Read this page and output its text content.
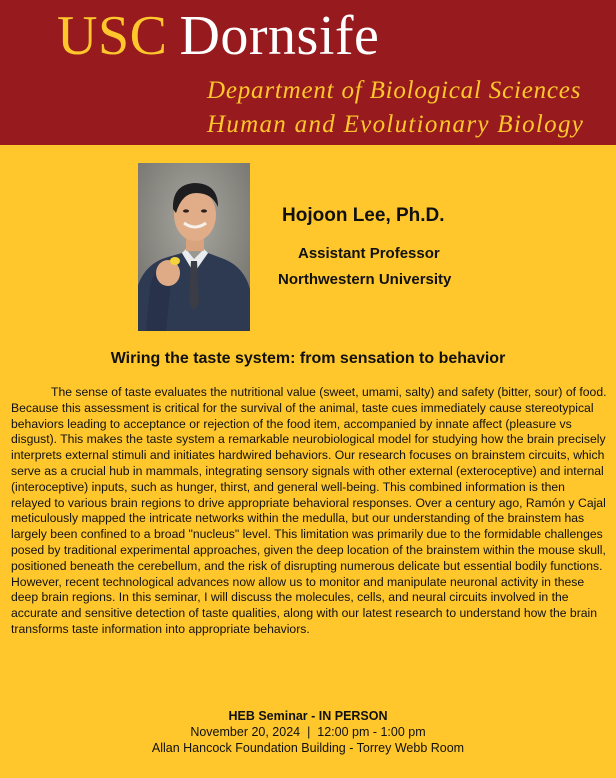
USC Dornsife
Department of Biological Sciences
Human and Evolutionary Biology
Hojoon Lee, Ph.D.
Assistant Professor
Northwestern University
Wiring the taste system: from sensation to behavior

The sense of taste evaluates the nutritional value (sweet, umami, salty) and safety (bitter, sour) of food. Because this assessment is critical for the survival of the animal, taste cues immediately cause stereotypical behaviors leading to acceptance or rejection of the food item, accompanied by innate affect (pleasure vs disgust). This makes the taste system a remarkable neurobiological model for studying how the brain precisely interprets external stimuli and initiates hardwired behaviors. Our research focuses on brainstem circuits, which serve as a crucial hub in mammals, integrating sensory signals with other external (exteroceptive) and internal (interoceptive) inputs, such as hunger, thirst, and general well-being. This combined information is then relayed to various brain regions to drive appropriate behavioral responses. Over a century ago, Ramón y Cajal meticulously mapped the intricate networks within the medulla, but our understanding of the brainstem has largely been confined to a broad "nucleus" level. This limitation was primarily due to the formidable challenges posed by traditional experimental approaches, given the deep location of the brainstem within the mouse skull, positioned beneath the cerebellum, and the risk of disrupting numerous delicate but essential bodily functions. However, recent technological advances now allow us to monitor and manipulate neuronal activity in these deep brain regions. In this seminar, I will discuss the molecules, cells, and neural circuits involved in the accurate and sensitive detection of taste qualities, along with our latest research to understand how the brain transforms taste information into appropriate behaviors.

HEB Seminar - IN PERSON
November 20, 2024  |  12:00 pm - 1:00 pm
Allan Hancock Foundation Building - Torrey Webb Room
